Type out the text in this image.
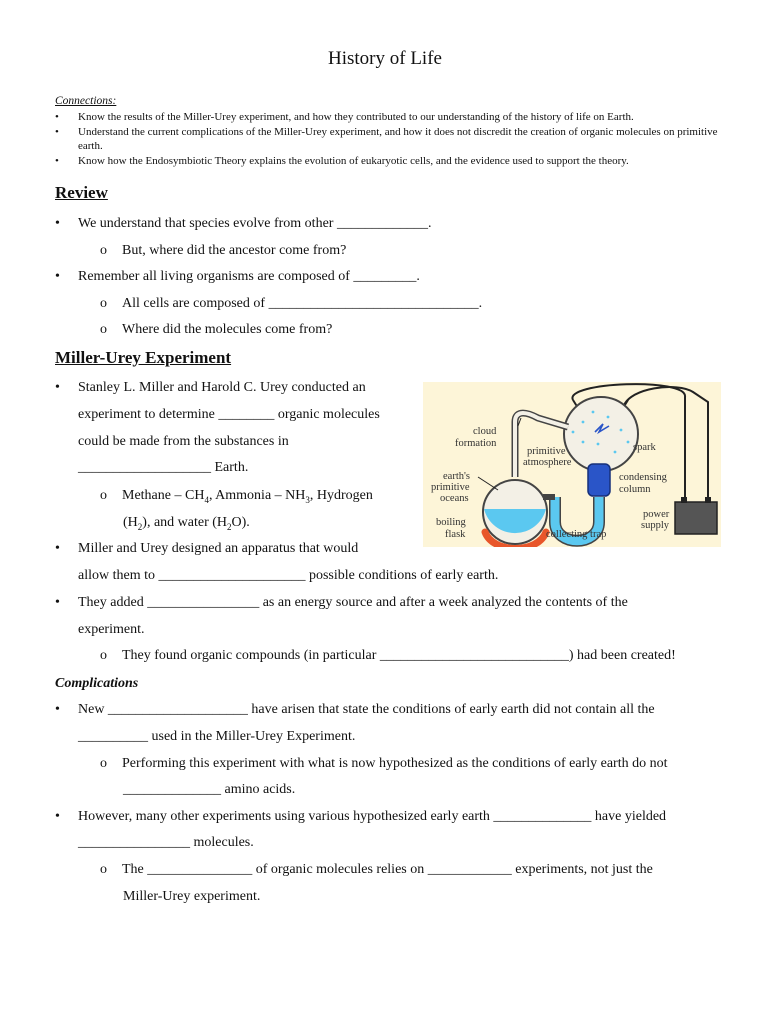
History of Life
Connections:
• Know the results of the Miller-Urey experiment, and how they contributed to our understanding of the history of life on Earth.
• Understand the current complications of the Miller-Urey experiment, and how it does not discredit the creation of organic molecules on primitive earth.
• Know how the Endosymbiotic Theory explains the evolution of eukaryotic cells, and the evidence used to support the theory.
Review
• We understand that species evolve from other _____________.
o But, where did the ancestor come from?
• Remember all living organisms are composed of _________.
o All cells are composed of ______________________________.
o Where did the molecules come from?
Miller-Urey Experiment
• Stanley L. Miller and Harold C. Urey conducted an
experiment to determine ________ organic molecules
could be made from the substances in
___________________ Earth.
o Methane – $CH_4$, Ammonia – $NH_3$, Hydrogen
$(H_2)$, and water $(H_2O)$.
• Miller and Urey designed an apparatus that would
allow them to _____________________ possible conditions of early earth.
• They added ________________ as an energy source and after a week analyzed the contents of the
experiment.
o They found organic compounds (in particular ___________________________) had been created!
cloud
formation
primitive
atmosphere
spark
earth's
primitive
oceans
condensing
column
power
supply
boiling
flask	collecting trap
Complications
• New ____________________ have arisen that state the conditions of early earth did not contain all the
__________ used in the Miller-Urey Experiment.
o Performing this experiment with what is now hypothesized as the conditions of early earth do not
______________ amino acids.
• However, many other experiments using various hypothesized early earth ______________ have yielded
________________ molecules.
o The _______________ of organic molecules relies on ____________ experiments, not just the
Miller-Urey experiment.
